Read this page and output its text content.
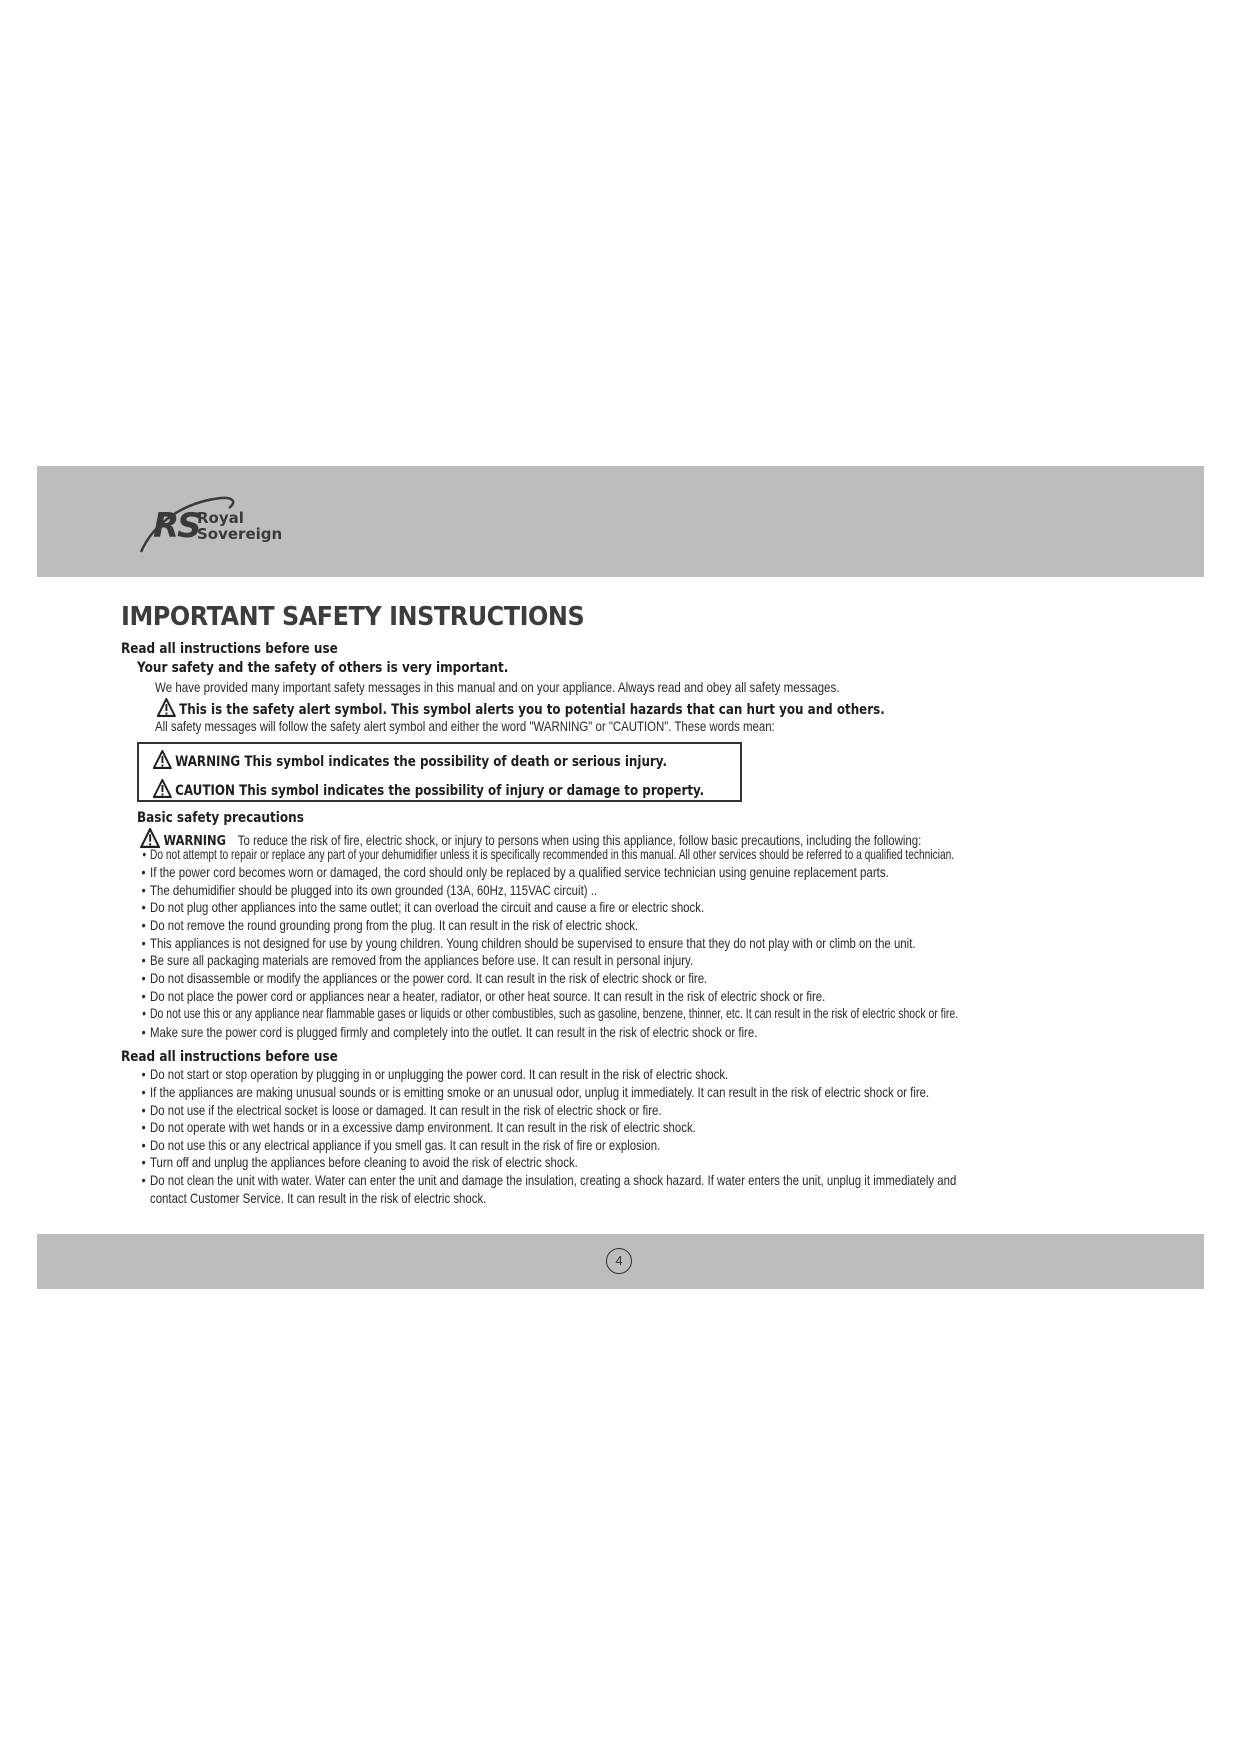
RS
Royal
Sovereign
IMPORTANT SAFETY INSTRUCTIONS
Read all instructions before use
Your safety and the safety of others is very important.
We have provided many important safety messages in this manual and on your appliance. Always read and obey all safety messages.
This is the safety alert symbol. This symbol alerts you to potential hazards that can hurt you and others.
All safety messages will follow the safety alert symbol and either the word "WARNING" or "CAUTION". These words mean:
WARNING This symbol indicates the possibility of death or serious injury.
CAUTION This symbol indicates the possibility of injury or damage to property.
Basic safety precautions
WARNING To reduce the risk of fire, electric shock, or injury to persons when using this appliance, follow basic precautions, including the following:
• Do not attempt to repair or replace any part of your dehumidifier unless it is specifically recommended in this manual. All other services should be referred to a qualified technician.
• If the power cord becomes worn or damaged, the cord should only be replaced by a qualified service technician using genuine replacement parts.
• The dehumidifier should be plugged into its own grounded (13A, 60Hz, 115VAC circuit) ..
• Do not plug other appliances into the same outlet; it can overload the circuit and cause a fire or electric shock.
• Do not remove the round grounding prong from the plug. It can result in the risk of electric shock.
• This appliances is not designed for use by young children. Young children should be supervised to ensure that they do not play with or climb on the unit.
• Be sure all packaging materials are removed from the appliances before use. It can result in personal injury.
• Do not disassemble or modify the appliances or the power cord. It can result in the risk of electric shock or fire.
• Do not place the power cord or appliances near a heater, radiator, or other heat source. It can result in the risk of electric shock or fire.
• Do not use this or any appliance near flammable gases or liquids or other combustibles, such as gasoline, benzene, thinner, etc. It can result in the risk of electric shock or fire.
• Make sure the power cord is plugged firmly and completely into the outlet. It can result in the risk of electric shock or fire.
Read all instructions before use
• Do not start or stop operation by plugging in or unplugging the power cord. It can result in the risk of electric shock.
• If the appliances are making unusual sounds or is emitting smoke or an unusual odor, unplug it immediately. It can result in the risk of electric shock or fire.
• Do not use if the electrical socket is loose or damaged. It can result in the risk of electric shock or fire.
• Do not operate with wet hands or in a excessive damp environment. It can result in the risk of electric shock.
• Do not use this or any electrical appliance if you smell gas. It can result in the risk of fire or explosion.
• Turn off and unplug the appliances before cleaning to avoid the risk of electric shock.
• Do not clean the unit with water. Water can enter the unit and damage the insulation, creating a shock hazard. If water enters the unit, unplug it immediately and
contact Customer Service. It can result in the risk of electric shock.
4
